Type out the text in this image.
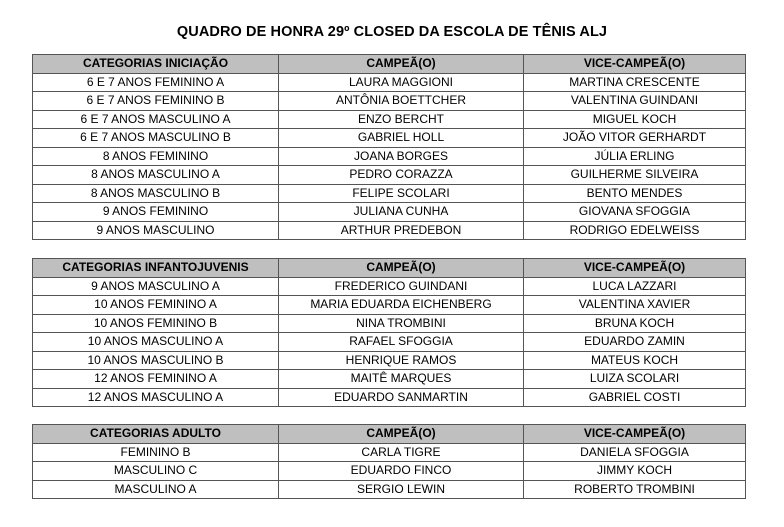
QUADRO DE HONRA 29º CLOSED DA ESCOLA DE TÊNIS ALJ
CATEGORIAS INICIAÇÃO	CAMPEÃ(O)	VICE-CAMPEÃ(O)
6 E 7 ANOS FEMININO A	LAURA MAGGIONI	MARTINA CRESCENTE
6 E 7 ANOS FEMININO B	ANTÔNIA BOETTCHER	VALENTINA GUINDANI
6 E 7 ANOS MASCULINO A	ENZO BERCHT	MIGUEL KOCH
6 E 7 ANOS MASCULINO B	GABRIEL HOLL	JOÃO VITOR GERHARDT
8 ANOS FEMININO	JOANA BORGES	JÚLIA ERLING
8 ANOS MASCULINO A	PEDRO CORAZZA	GUILHERME SILVEIRA
8 ANOS MASCULINO B	FELIPE SCOLARI	BENTO MENDES
9 ANOS FEMININO	JULIANA CUNHA	GIOVANA SFOGGIA
9 ANOS MASCULINO	ARTHUR PREDEBON	RODRIGO EDELWEISS
CATEGORIAS INFANTOJUVENIS	CAMPEÃ(O)	VICE-CAMPEÃ(O)
9 ANOS MASCULINO A	FREDERICO GUINDANI	LUCA LAZZARI
10 ANOS FEMININO A	MARIA EDUARDA EICHENBERG	VALENTINA XAVIER
10 ANOS FEMININO B	NINA TROMBINI	BRUNA KOCH
10 ANOS MASCULINO A	RAFAEL SFOGGIA	EDUARDO ZAMIN
10 ANOS MASCULINO B	HENRIQUE RAMOS	MATEUS KOCH
12 ANOS FEMININO A	MAITÊ MARQUES	LUIZA SCOLARI
12 ANOS MASCULINO A	EDUARDO SANMARTIN	GABRIEL COSTI
CATEGORIAS ADULTO	CAMPEÃ(O)	VICE-CAMPEÃ(O)
FEMININO B	CARLA TIGRE	DANIELA SFOGGIA
MASCULINO C	EDUARDO FINCO	JIMMY KOCH
MASCULINO A	SERGIO LEWIN	ROBERTO TROMBINI
